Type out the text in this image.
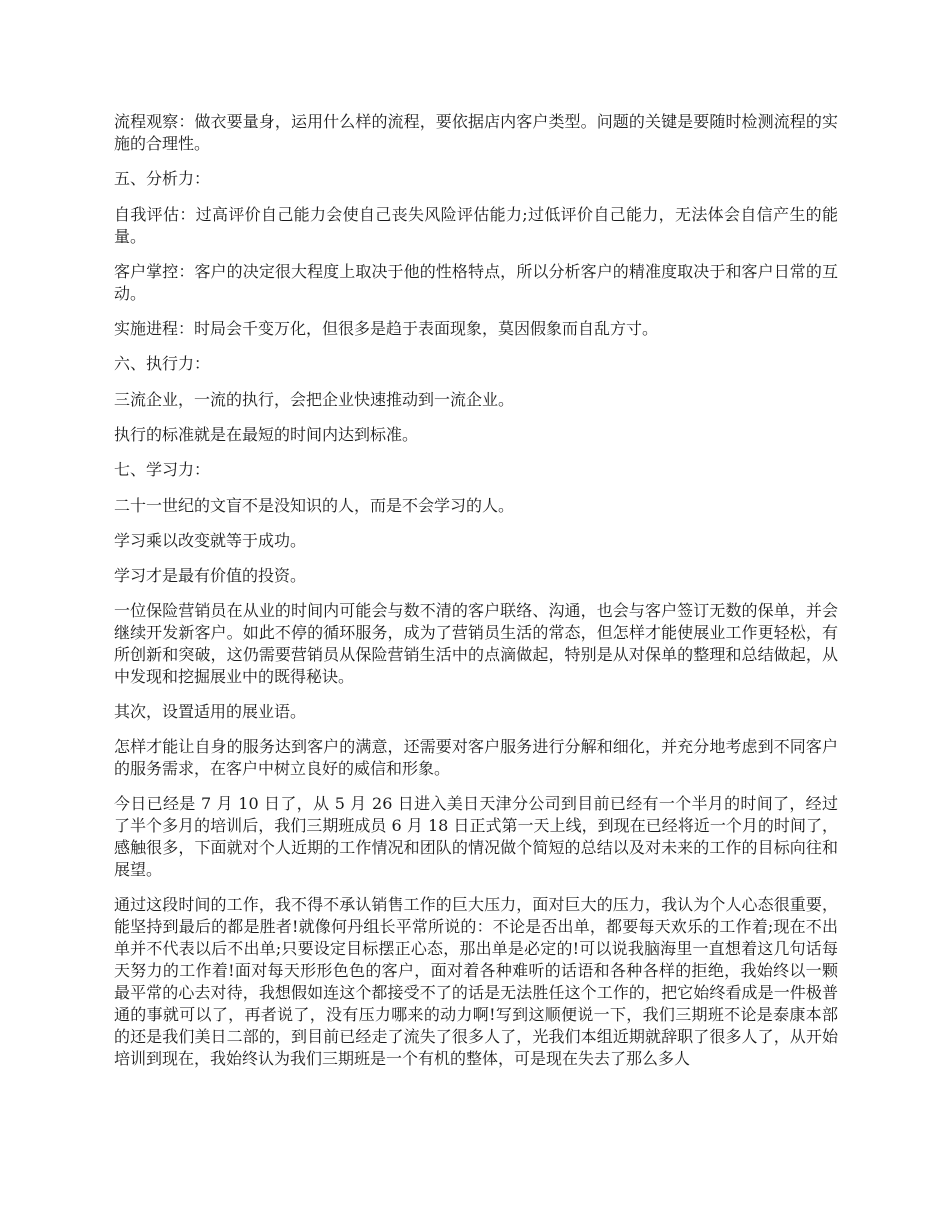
流程观察：做衣要量身，运用什么样的流程，要依据店内客户类型。问题的关键是要随时检测流程的实施的合理性。

五、分析力：

自我评估：过高评价自己能力会使自己丧失风险评估能力;过低评价自己能力，无法体会自信产生的能量。

客户掌控：客户的决定很大程度上取决于他的性格特点，所以分析客户的精准度取决于和客户日常的互动。

实施进程：时局会千变万化，但很多是趋于表面现象，莫因假象而自乱方寸。

六、执行力：

三流企业，一流的执行，会把企业快速推动到一流企业。

执行的标准就是在最短的时间内达到标准。

七、学习力：

二十一世纪的文盲不是没知识的人，而是不会学习的人。

学习乘以改变就等于成功。

学习才是最有价值的投资。

一位保险营销员在从业的时间内可能会与数不清的客户联络、沟通，也会与客户签订无数的保单，并会继续开发新客户。如此不停的循环服务，成为了营销员生活的常态，但怎样才能使展业工作更轻松，有所创新和突破，这仍需要营销员从保险营销生活中的点滴做起，特别是从对保单的整理和总结做起，从中发现和挖掘展业中的既得秘诀。

其次，设置适用的展业语。

怎样才能让自身的服务达到客户的满意，还需要对客户服务进行分解和细化，并充分地考虑到不同客户的服务需求，在客户中树立良好的威信和形象。

今日已经是 7 月 10 日了，从 5 月 26 日进入美日天津分公司到目前已经有一个半月的时间了，经过了半个多月的培训后，我们三期班成员 6 月 18 日正式第一天上线，到现在已经将近一个月的时间了，感触很多，下面就对个人近期的工作情况和团队的情况做个简短的总结以及对未来的工作的目标向往和展望。

通过这段时间的工作，我不得不承认销售工作的巨大压力，面对巨大的压力，我认为个人心态很重要，能坚持到最后的都是胜者!就像何丹组长平常所说的：不论是否出单，都要每天欢乐的工作着;现在不出单并不代表以后不出单;只要设定目标摆正心态，那出单是必定的!可以说我脑海里一直想着这几句话每天努力的工作着!面对每天形形色色的客户，面对着各种难听的话语和各种各样的拒绝，我始终以一颗最平常的心去对待，我想假如连这个都接受不了的话是无法胜任这个工作的，把它始终看成是一件极普通的事就可以了，再者说了，没有压力哪来的动力啊!写到这顺便说一下，我们三期班不论是泰康本部的还是我们美日二部的，到目前已经走了流失了很多人了，光我们本组近期就辞职了很多人了，从开始培训到现在，我始终认为我们三期班是一个有机的整体，可是现在失去了那么多人
